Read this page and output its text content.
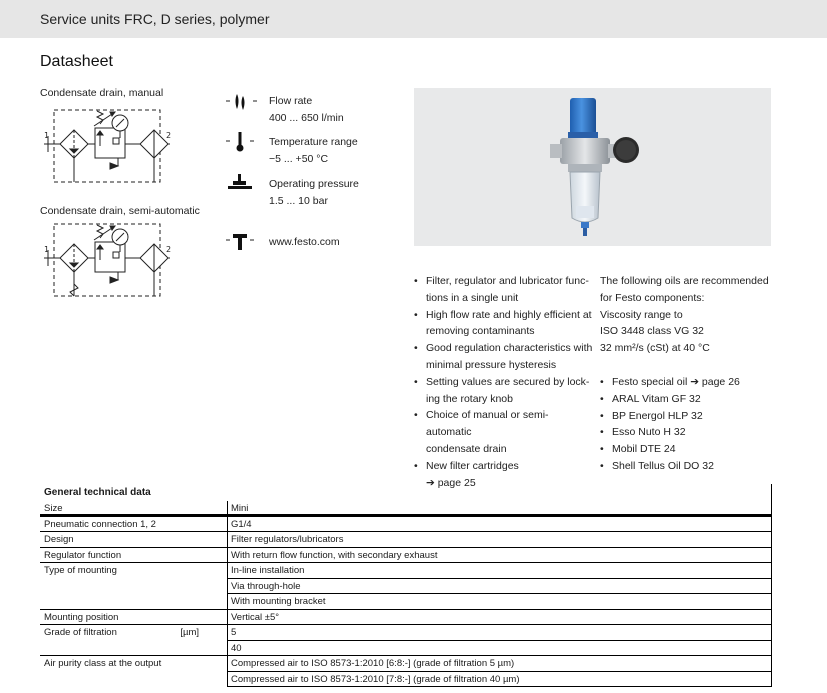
Service units FRC, D series, polymer
Datasheet
Condensate drain, manual
Condensate drain, semi-automatic
1	2
1	2
Flow rate
400 ... 650 l/min
Temperature range
−5 ... +50 °C
Operating pressure
1.5 ... 10 bar
www.festo.com
• Filter, regulator and lubricator func-
tions in a single unit
• High flow rate and highly efficient at
removing contaminants
• Good regulation characteristics with
minimal pressure hysteresis
• Setting values are secured by lock-
ing the rotary knob
• Choice of manual or semi-automatic
condensate drain
• New filter cartridges
➔ page 25
The following oils are recommended
for Festo components:
Viscosity range to
ISO 3448 class VG 32
32 mm²/s (cSt) at 40 °C
• Festo special oil ➔ page 26
• ARAL Vitam GF 32
• BP Energol HLP 32
• Esso Nuto H 32
• Mobil DTE 24
• Shell Tellus Oil DO 32
General technical data
Size	Mini
Pneumatic connection 1, 2	G1/4
Design	Filter regulators/lubricators
Regulator function	With return flow function, with secondary exhaust
Type of mounting	In-line installation
Via through-hole
With mounting bracket
Mounting position	Vertical ±5°
Grade of filtration	[µm]	5
40
Air purity class at the output	Compressed air to ISO 8573-1:2010 [6:8:-] (grade of filtration 5 µm)
Compressed air to ISO 8573-1:2010 [7:8:-] (grade of filtration 40 µm)
